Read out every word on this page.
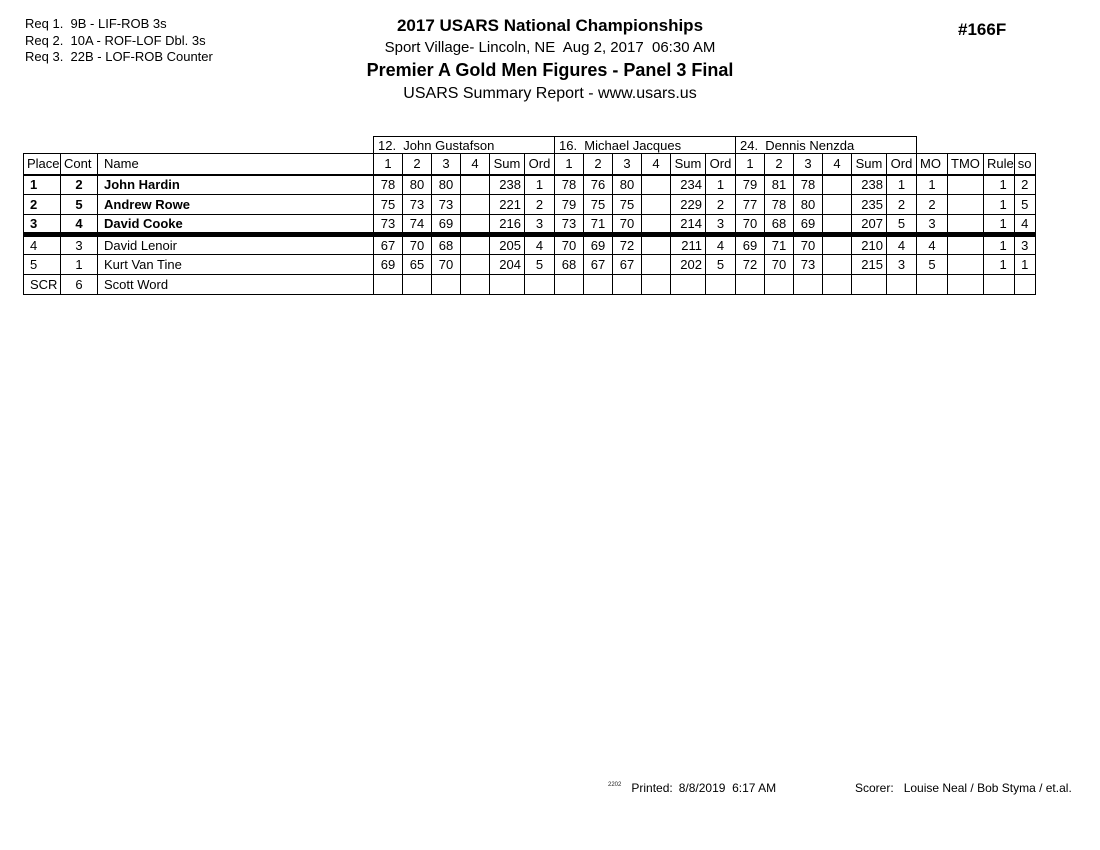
Req 1.  9B - LIF-ROB 3s
Req 2.  10A - ROF-LOF Dbl. 3s
Req 3.  22B - LOF-ROB Counter
2017 USARS National Championships
Sport Village- Lincoln, NE  Aug 2, 2017  06:30 AM
Premier A Gold Men Figures - Panel 3 Final
USARS Summary Report - www.usars.us
#166F
			12.  John Gustafson						16.  Michael Jacques						24.  Dennis Nenzda									
Place	Cont	Name	1	2	3	4	Sum	Ord	1	2	3	4	Sum	Ord	1	2	3	4	Sum	Ord	MO	TMO	Rule	so
1	2	John Hardin	78	80	80		238	1	78	76	80		234	1	79	81	78		238	1	1		1	2
2	5	Andrew Rowe	75	73	73		221	2	79	75	75		229	2	77	78	80		235	2	2		1	5
3	4	David Cooke	73	74	69		216	3	73	71	70		214	3	70	68	69		207	5	3		1	4
4	3	David Lenoir	67	70	68		205	4	70	69	72		211	4	69	71	70		210	4	4		1	3
5	1	Kurt Van Tine	69	65	70		204	5	68	67	67		202	5	72	70	73		215	3	5		1	1
SCR	6	Scott Word																						
$^{2202}$ Printed: 8/8/2019  6:17 AM	Scorer: Louise Neal / Bob Styma / et.al.
